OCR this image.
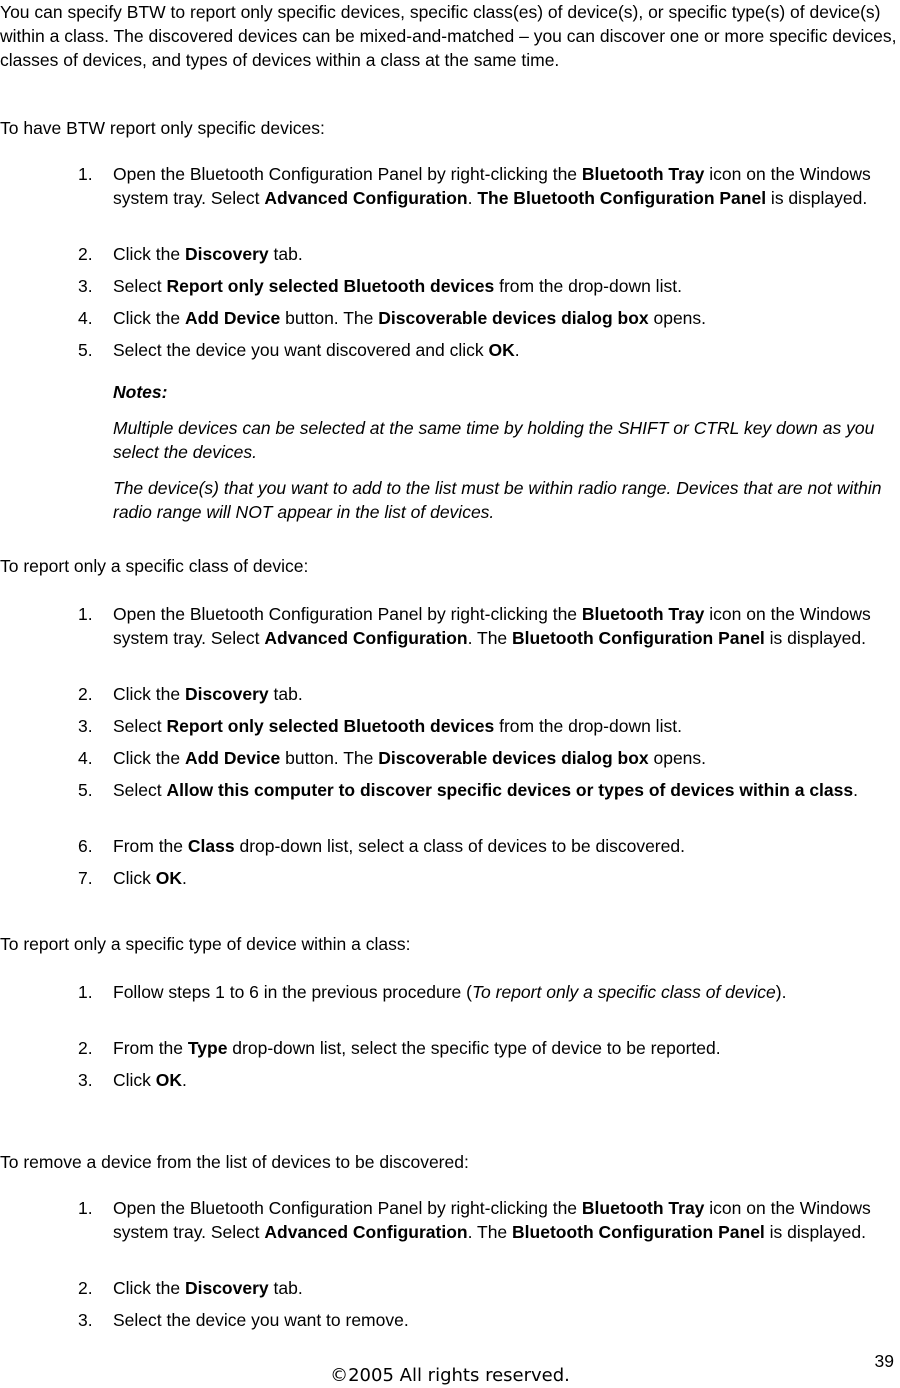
You can specify BTW to report only specific devices, specific class(es) of device(s), or specific type(s) of device(s) within a class. The discovered devices can be mixed-and-matched – you can discover one or more specific devices, classes of devices, and types of devices within a class at the same time.

To have BTW report only specific devices:

1.	Open the Bluetooth Configuration Panel by right-clicking the Bluetooth Tray icon on the Windows system tray. Select Advanced Configuration. The Bluetooth Configuration Panel is displayed.
2.	Click the Discovery tab.
3.	Select Report only selected Bluetooth devices from the drop-down list.
4.	Click the Add Device button. The Discoverable devices dialog box opens.
5.	Select the device you want discovered and click OK.

Notes:

Multiple devices can be selected at the same time by holding the SHIFT or CTRL key down as you select the devices.

The device(s) that you want to add to the list must be within radio range. Devices that are not within radio range will NOT appear in the list of devices.

To report only a specific class of device:

1.	Open the Bluetooth Configuration Panel by right-clicking the Bluetooth Tray icon on the Windows system tray. Select Advanced Configuration. The Bluetooth Configuration Panel is displayed.
2.	Click the Discovery tab.
3.	Select Report only selected Bluetooth devices from the drop-down list.
4.	Click the Add Device button. The Discoverable devices dialog box opens.
5.	Select Allow this computer to discover specific devices or types of devices within a class.
6.	From the Class drop-down list, select a class of devices to be discovered.
7.	Click OK.

To report only a specific type of device within a class:

1.	Follow steps 1 to 6 in the previous procedure (To report only a specific class of device).
2.	From the Type drop-down list, select the specific type of device to be reported.
3.	Click OK.

To remove a device from the list of devices to be discovered:

1.	Open the Bluetooth Configuration Panel by right-clicking the Bluetooth Tray icon on the Windows system tray. Select Advanced Configuration. The Bluetooth Configuration Panel is displayed.
2.	Click the Discovery tab.
3.	Select the device you want to remove.
©2005 All rights reserved.
39
